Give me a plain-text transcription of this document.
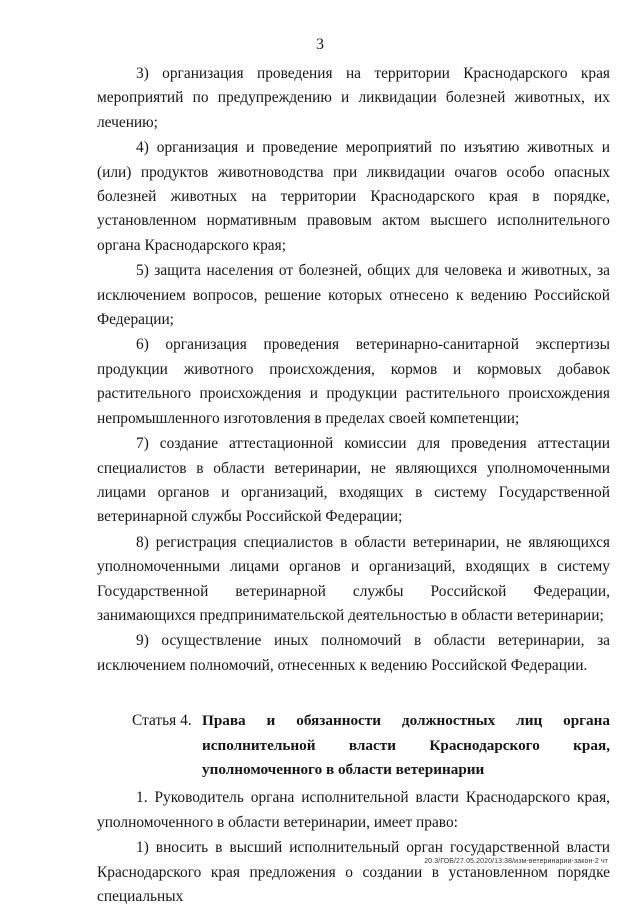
3

3) организация проведения на территории Краснодарского края мероприятий по предупреждению и ликвидации болезней животных, их лечению;

4) организация и проведение мероприятий по изъятию животных и (или) продуктов животноводства при ликвидации очагов особо опасных болезней животных на территории Краснодарского края в порядке, установленном нормативным правовым актом высшего исполнительного органа Краснодарского края;

5) защита населения от болезней, общих для человека и животных, за исключением вопросов, решение которых отнесено к ведению Российской Федерации;

6) организация проведения ветеринарно-санитарной экспертизы продукции животного происхождения, кормов и кормовых добавок растительного происхождения и продукции растительного происхождения непромышленного изготовления в пределах своей компетенции;

7) создание аттестационной комиссии для проведения аттестации специалистов в области ветеринарии, не являющихся уполномоченными лицами органов и организаций, входящих в систему Государственной ветеринарной службы Российской Федерации;

8) регистрация специалистов в области ветеринарии, не являющихся уполномоченными лицами органов и организаций, входящих в систему Государственной ветеринарной службы Российской Федерации, занимающихся предпринимательской деятельностью в области ветеринарии;

9) осуществление иных полномочий в области ветеринарии, за исключением полномочий, отнесенных к ведению Российской Федерации.

Статья 4. Права и обязанности должностных лиц органа исполнительной власти Краснодарского края, уполномоченного в области ветеринарии

1. Руководитель органа исполнительной власти Краснодарского края, уполномоченного в области ветеринарии, имеет право:

1) вносить в высший исполнительный орган государственной власти Краснодарского края предложения о создании в установленном порядке специальных

20.3/ГОБ/27.05.2020/13:38/изм-ветеринарии-закон-2 чт
